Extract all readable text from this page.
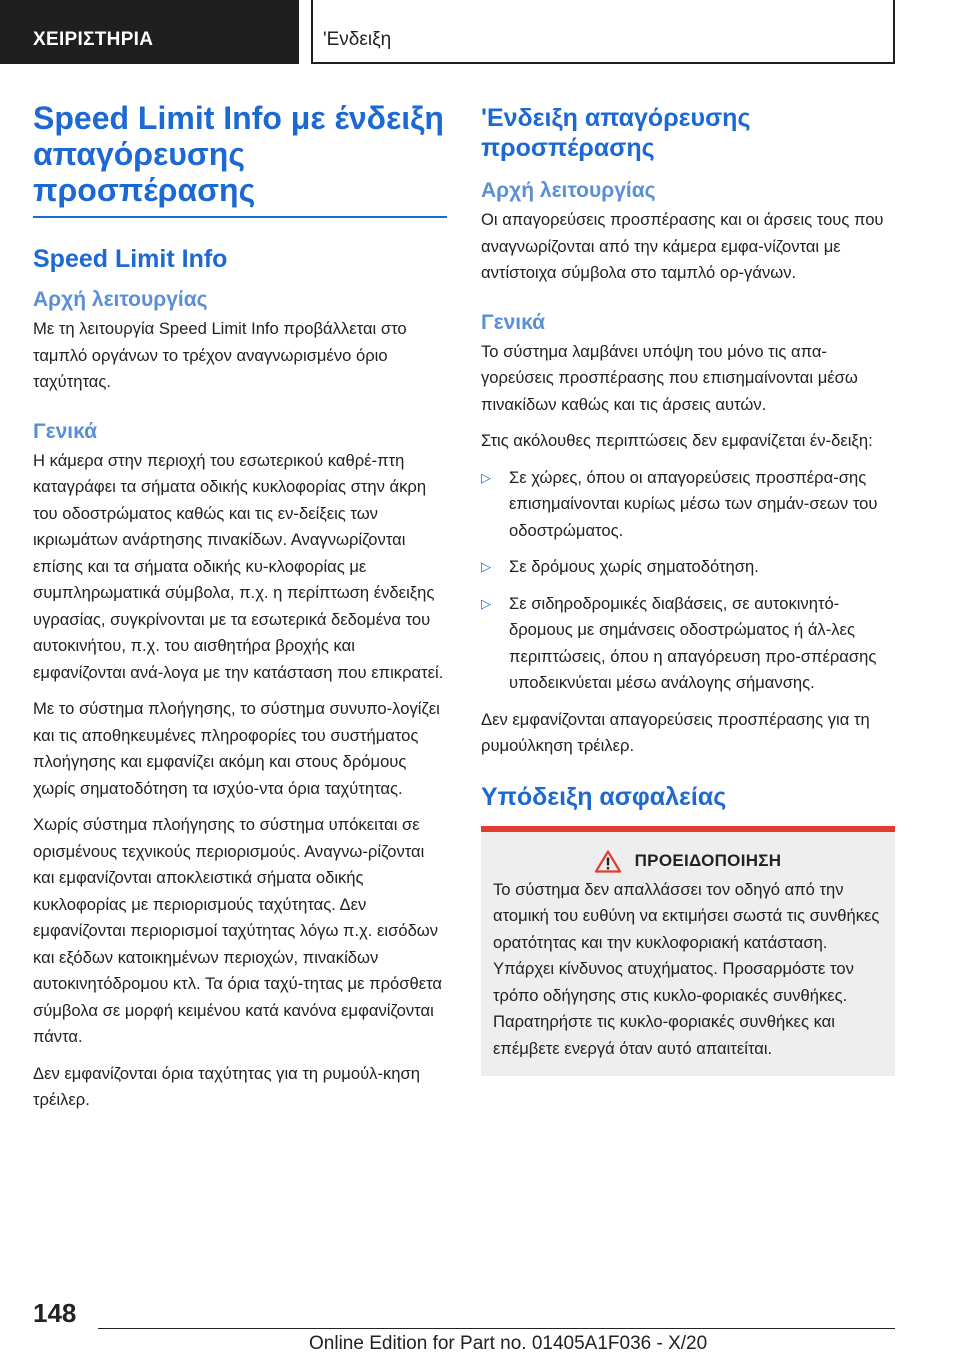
ΧΕΙΡΙΣΤΗΡΙΑ	'Ενδειξη
Speed Limit Info με ένδειξη απαγόρευσης προσπέρασης
Speed Limit Info
Αρχή λειτουργίας

Με τη λειτουργία Speed Limit Info προβάλλεται στο ταμπλό οργάνων το τρέχον αναγνωρισμένο όριο ταχύτητας.

Γενικά

Η κάμερα στην περιοχή του εσωτερικού καθρέ-πτη καταγράφει τα σήματα οδικής κυκλοφορίας στην άκρη του οδοστρώματος καθώς και τις εν-δείξεις των ικριωμάτων ανάρτησης πινακίδων. Αναγνωρίζονται επίσης και τα σήματα οδικής κυ-κλοφορίας με συμπληρωματικά σύμβολα, π.χ. η περίπτωση ένδειξης υγρασίας, συγκρίνονται με τα εσωτερικά δεδομένα του αυτοκινήτου, π.χ. του αισθητήρα βροχής και εμφανίζονται ανά-λογα με την κατάσταση που επικρατεί.

Με το σύστημα πλοήγησης, το σύστημα συνυπο-λογίζει και τις αποθηκευμένες πληροφορίες του συστήματος πλοήγησης και εμφανίζει ακόμη και στους δρόμους χωρίς σηματοδότηση τα ισχύο-ντα όρια ταχύτητας.

Χωρίς σύστημα πλοήγησης το σύστημα υπόκειται σε ορισμένους τεχνικούς περιορισμούς. Αναγνω-ρίζονται και εμφανίζονται αποκλειστικά σήματα οδικής κυκλοφορίας με περιορισμούς ταχύτητας. Δεν εμφανίζονται περιορισμοί ταχύτητας λόγω π.χ. εισόδων και εξόδων κατοικημένων περιοχών, πινακίδων αυτοκινητόδρομου κτλ. Τα όρια ταχύ-τητας με πρόσθετα σύμβολα σε μορφή κειμένου κατά κανόνα εμφανίζονται πάντα.

Δεν εμφανίζονται όρια ταχύτητας για τη ρυμούλ-κηση τρέιλερ.

'Ενδειξη απαγόρευσης προσπέρασης
Αρχή λειτουργίας

Οι απαγορεύσεις προσπέρασης και οι άρσεις τους που αναγνωρίζονται από την κάμερα εμφα-νίζονται με αντίστοιχα σύμβολα στο ταμπλό ορ-γάνων.

Γενικά

Το σύστημα λαμβάνει υπόψη του μόνο τις απα-γορεύσεις προσπέρασης που επισημαίνονται μέσω πινακίδων καθώς και τις άρσεις αυτών.

Στις ακόλουθες περιπτώσεις δεν εμφανίζεται έν-δειξη:

▷ Σε χώρες, όπου οι απαγορεύσεις προσπέρα-σης επισημαίνονται κυρίως μέσω των σημάν-σεων του οδοστρώματος.
▷ Σε δρόμους χωρίς σηματοδότηση.
▷ Σε σιδηροδρομικές διαβάσεις, σε αυτοκινητό-δρομους με σημάνσεις οδοστρώματος ή άλ-λες περιπτώσεις, όπου η απαγόρευση προ-σπέρασης υποδεικνύεται μέσω ανάλογης σήμανσης.

Δεν εμφανίζονται απαγορεύσεις προσπέρασης για τη ρυμούλκηση τρέιλερ.

Υπόδειξη ασφαλείας
ΠΡΟΕΙΔΟΠΟΙΗΣΗ

Το σύστημα δεν απαλλάσσει τον οδηγό από την ατομική του ευθύνη να εκτιμήσει σωστά τις συνθήκες ορατότητας και την κυκλοφοριακή κατάσταση. Υπάρχει κίνδυνος ατυχήματος. Προσαρμόστε τον τρόπο οδήγησης στις κυκλο-φοριακές συνθήκες. Παρατηρήστε τις κυκλο-φοριακές συνθήκες και επέμβετε ενεργά όταν αυτό απαιτείται.

148
Online Edition for Part no. 01405A1F036 - X/20
